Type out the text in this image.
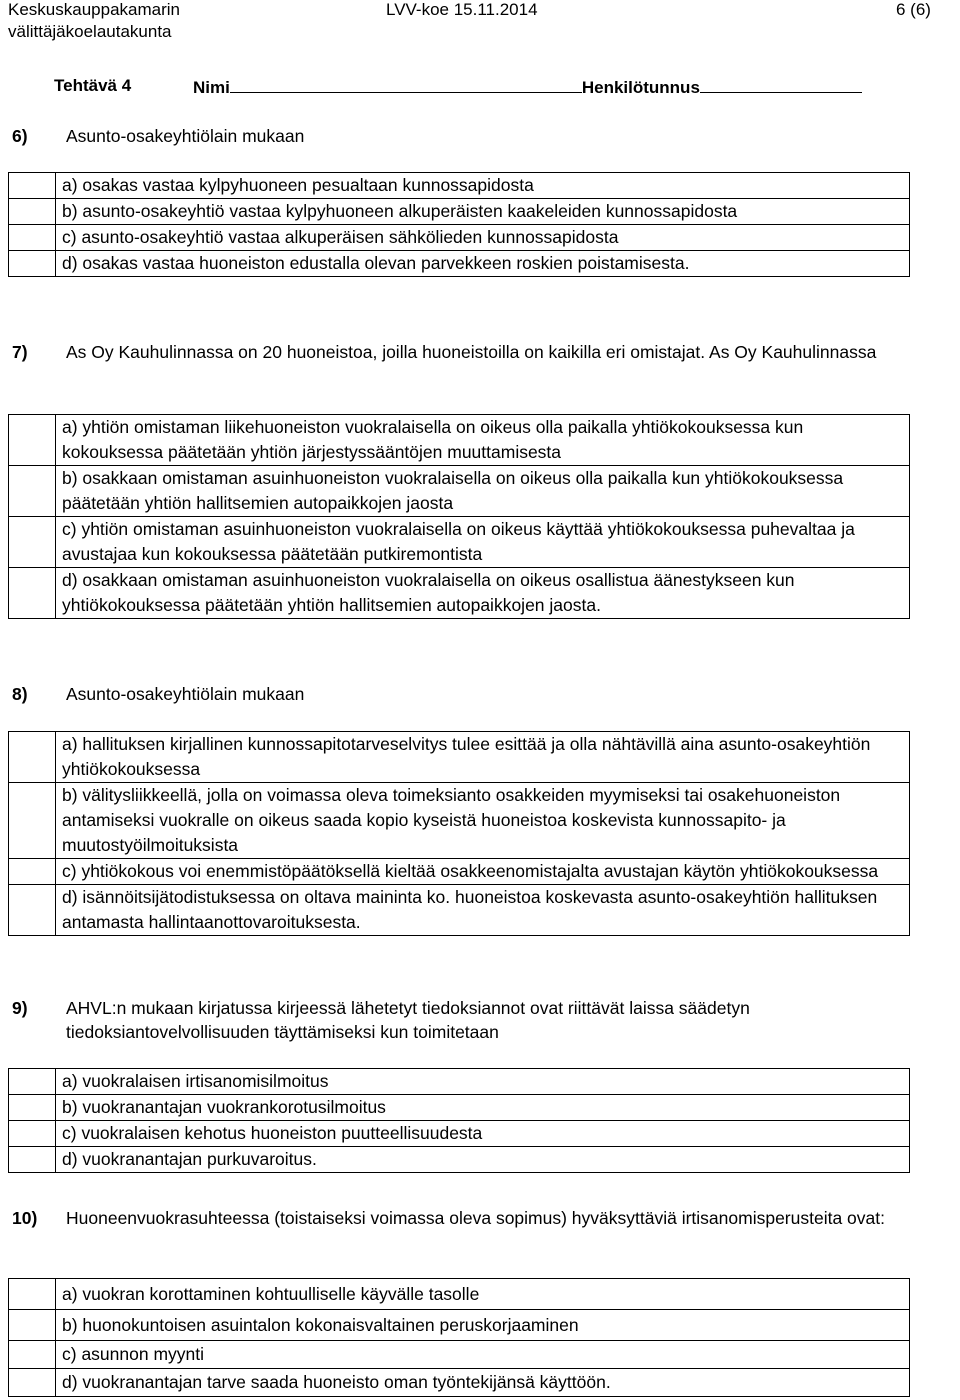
Keskuskauppakamarin
välittäjäkoelautakunta
LVV-koe 15.11.2014	6 (6)
Tehtävä 4	Nimi	Henkilötunnus
6) Asunto-osakeyhtiölain mukaan
a) osakas vastaa kylpyhuoneen pesualtaan kunnossapidosta
b) asunto-osakeyhtiö vastaa kylpyhuoneen alkuperäisten kaakeleiden kunnossapidosta
c) asunto-osakeyhtiö vastaa alkuperäisen sähkölieden kunnossapidosta
d) osakas vastaa huoneiston edustalla olevan parvekkeen roskien poistamisesta.
7) As Oy Kauhulinnassa on 20 huoneistoa, joilla huoneistoilla on kaikilla eri omistajat. As Oy Kauhulinnassa
a) yhtiön omistaman liikehuoneiston vuokralaisella on oikeus olla paikalla yhtiökokouksessa kun kokouksessa päätetään yhtiön järjestyssääntöjen muuttamisesta
b) osakkaan omistaman asuinhuoneiston vuokralaisella on oikeus olla paikalla kun yhtiökokouksessa päätetään yhtiön hallitsemien autopaikkojen jaosta
c) yhtiön omistaman asuinhuoneiston vuokralaisella on oikeus käyttää yhtiökokouksessa puhevaltaa ja avustajaa kun kokouksessa päätetään putkiremontista
d) osakkaan omistaman asuinhuoneiston vuokralaisella on oikeus osallistua äänestykseen kun yhtiökokouksessa päätetään yhtiön hallitsemien autopaikkojen jaosta.
8) Asunto-osakeyhtiölain mukaan
a) hallituksen kirjallinen kunnossapitotarveselvitys tulee esittää ja olla nähtävillä aina asunto-osakeyhtiön yhtiökokouksessa
b) välitysliikkeellä, jolla on voimassa oleva toimeksianto osakkeiden myymiseksi tai osakehuoneiston antamiseksi vuokralle on oikeus saada kopio kyseistä huoneistoa koskevista kunnossapito- ja muutostyöilmoituksista
c) yhtiökokous voi enemmistöpäätöksellä kieltää osakkeenomistajalta avustajan käytön yhtiökokouksessa
d) isännöitsijätodistuksessa on oltava maininta ko. huoneistoa koskevasta asunto-osakeyhtiön hallituksen antamasta hallintaanottovaroituksesta.
9) AHVL:n mukaan kirjatussa kirjeessä lähetetyt tiedoksiannot ovat riittävät laissa säädetyn tiedoksiantovelvollisuuden täyttämiseksi kun toimitetaan
a) vuokralaisen irtisanomisilmoitus
b) vuokranantajan vuokrankorotusilmoitus
c) vuokralaisen kehotus huoneiston puutteellisuudesta
d) vuokranantajan purkuvaroitus.
10) Huoneenvuokrasuhteessa (toistaiseksi voimassa oleva sopimus) hyväksyttäviä irtisanomisperusteita ovat:
a) vuokran korottaminen kohtuulliselle käyvälle tasolle
b) huonokuntoisen asuintalon kokonaisvaltainen peruskorjaaminen
c) asunnon myynti
d) vuokranantajan tarve saada huoneisto oman työntekijänsä käyttöön.
